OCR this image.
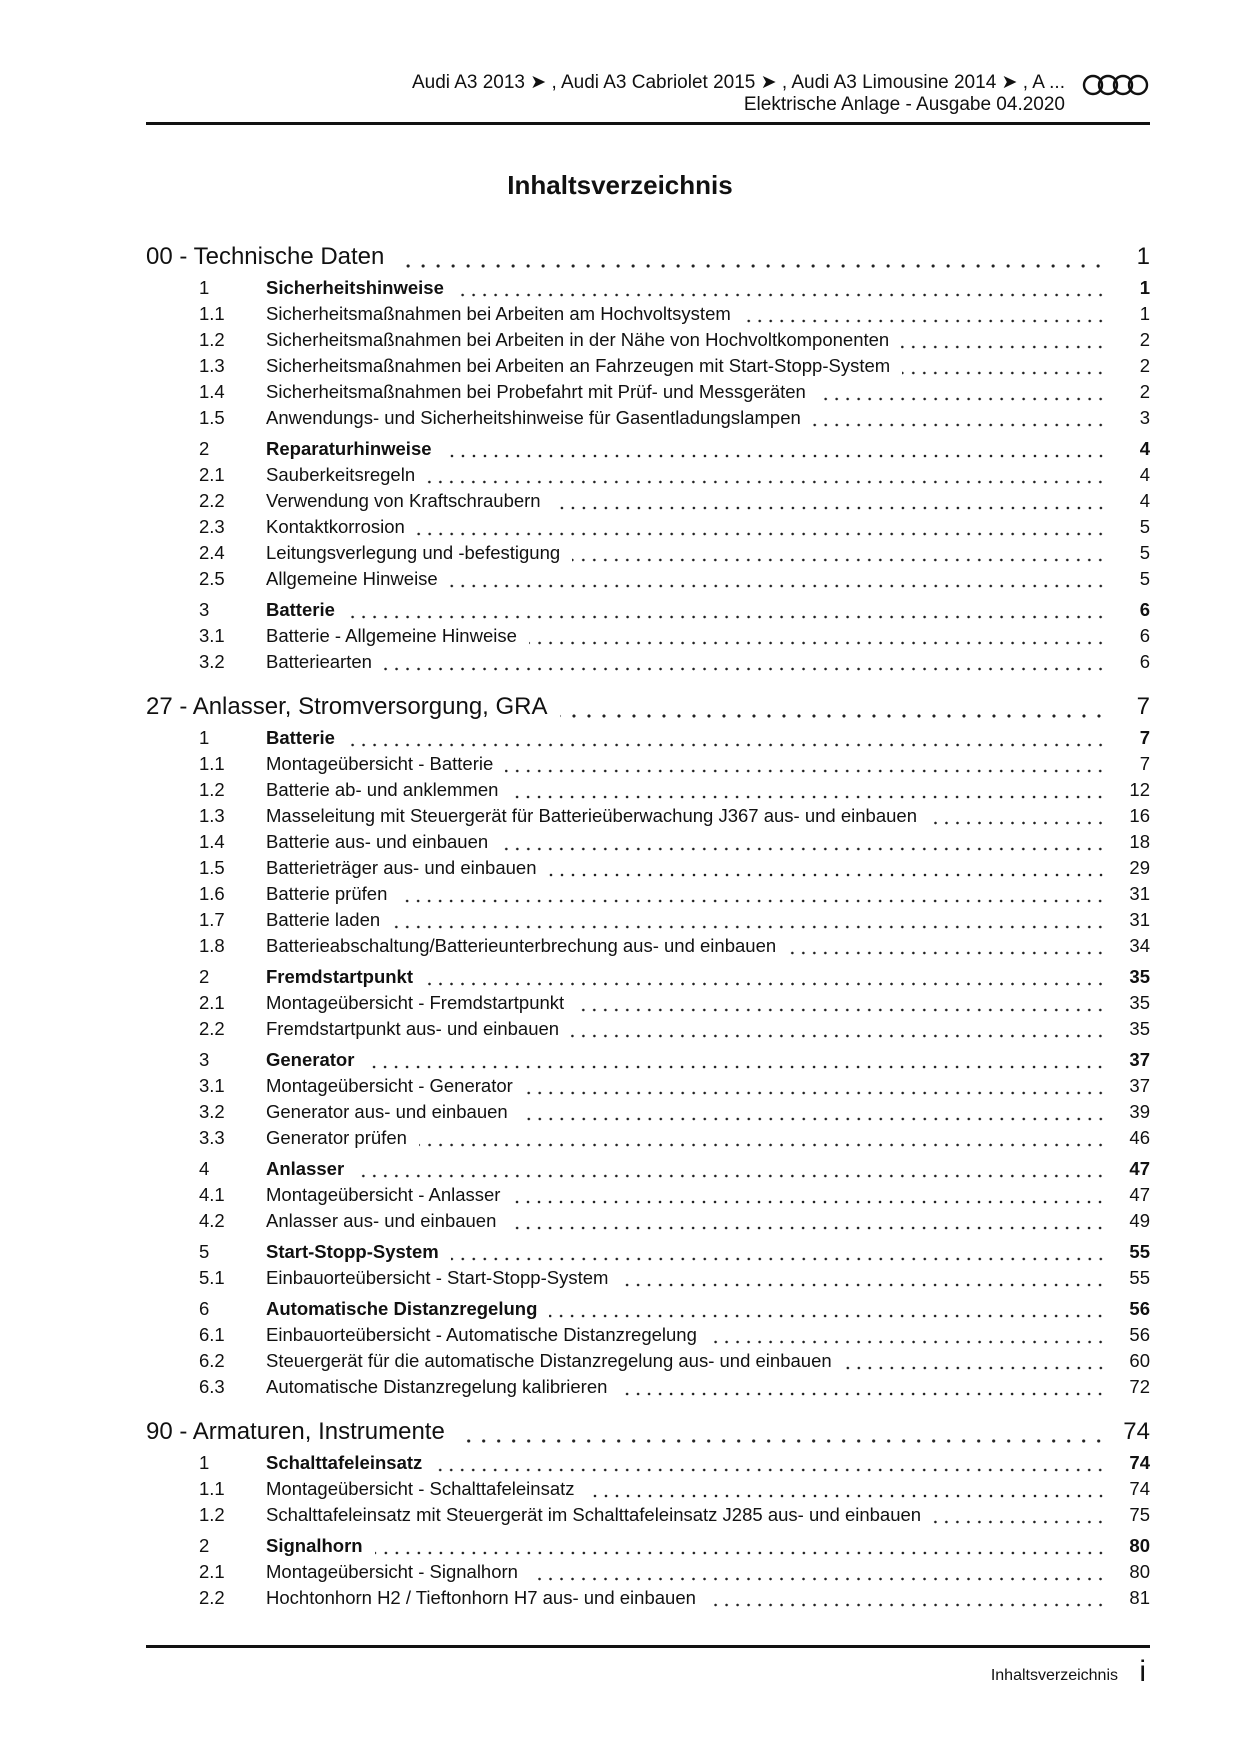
Audi A3 2013 ➤ , Audi A3 Cabriolet 2015 ➤ , Audi A3 Limousine 2014 ➤ , A ...
Elektrische Anlage - Ausgabe 04.2020
Inhaltsverzeichnis
00 - Technische Daten	1
1	Sicherheitshinweise	1
1.1	Sicherheitsmaßnahmen bei Arbeiten am Hochvoltsystem	1
1.2	Sicherheitsmaßnahmen bei Arbeiten in der Nähe von Hochvoltkomponenten	2
1.3	Sicherheitsmaßnahmen bei Arbeiten an Fahrzeugen mit Start-Stopp-System	2
1.4	Sicherheitsmaßnahmen bei Probefahrt mit Prüf- und Messgeräten	2
1.5	Anwendungs- und Sicherheitshinweise für Gasentladungslampen	3
2	Reparaturhinweise	4
2.1	Sauberkeitsregeln	4
2.2	Verwendung von Kraftschraubern	4
2.3	Kontaktkorrosion	5
2.4	Leitungsverlegung und -befestigung	5
2.5	Allgemeine Hinweise	5
3	Batterie	6
3.1	Batterie - Allgemeine Hinweise	6
3.2	Batteriearten	6
27 - Anlasser, Stromversorgung, GRA	7
1	Batterie	7
1.1	Montageübersicht - Batterie	7
1.2	Batterie ab- und anklemmen	12
1.3	Masseleitung mit Steuergerät für Batterieüberwachung J367 aus- und einbauen	16
1.4	Batterie aus- und einbauen	18
1.5	Batterieträger aus- und einbauen	29
1.6	Batterie prüfen	31
1.7	Batterie laden	31
1.8	Batterieabschaltung/Batterieunterbrechung aus- und einbauen	34
2	Fremdstartpunkt	35
2.1	Montageübersicht - Fremdstartpunkt	35
2.2	Fremdstartpunkt aus- und einbauen	35
3	Generator	37
3.1	Montageübersicht - Generator	37
3.2	Generator aus- und einbauen	39
3.3	Generator prüfen	46
4	Anlasser	47
4.1	Montageübersicht - Anlasser	47
4.2	Anlasser aus- und einbauen	49
5	Start-Stopp-System	55
5.1	Einbauorteübersicht - Start-Stopp-System	55
6	Automatische Distanzregelung	56
6.1	Einbauorteübersicht - Automatische Distanzregelung	56
6.2	Steuergerät für die automatische Distanzregelung aus- und einbauen	60
6.3	Automatische Distanzregelung kalibrieren	72
90 - Armaturen, Instrumente	74
1	Schalttafeleinsatz	74
1.1	Montageübersicht - Schalttafeleinsatz	74
1.2	Schalttafeleinsatz mit Steuergerät im Schalttafeleinsatz J285 aus- und einbauen	75
2	Signalhorn	80
2.1	Montageübersicht - Signalhorn	80
2.2	Hochtonhorn H2 / Tieftonhorn H7 aus- und einbauen	81
Inhaltsverzeichnis i
